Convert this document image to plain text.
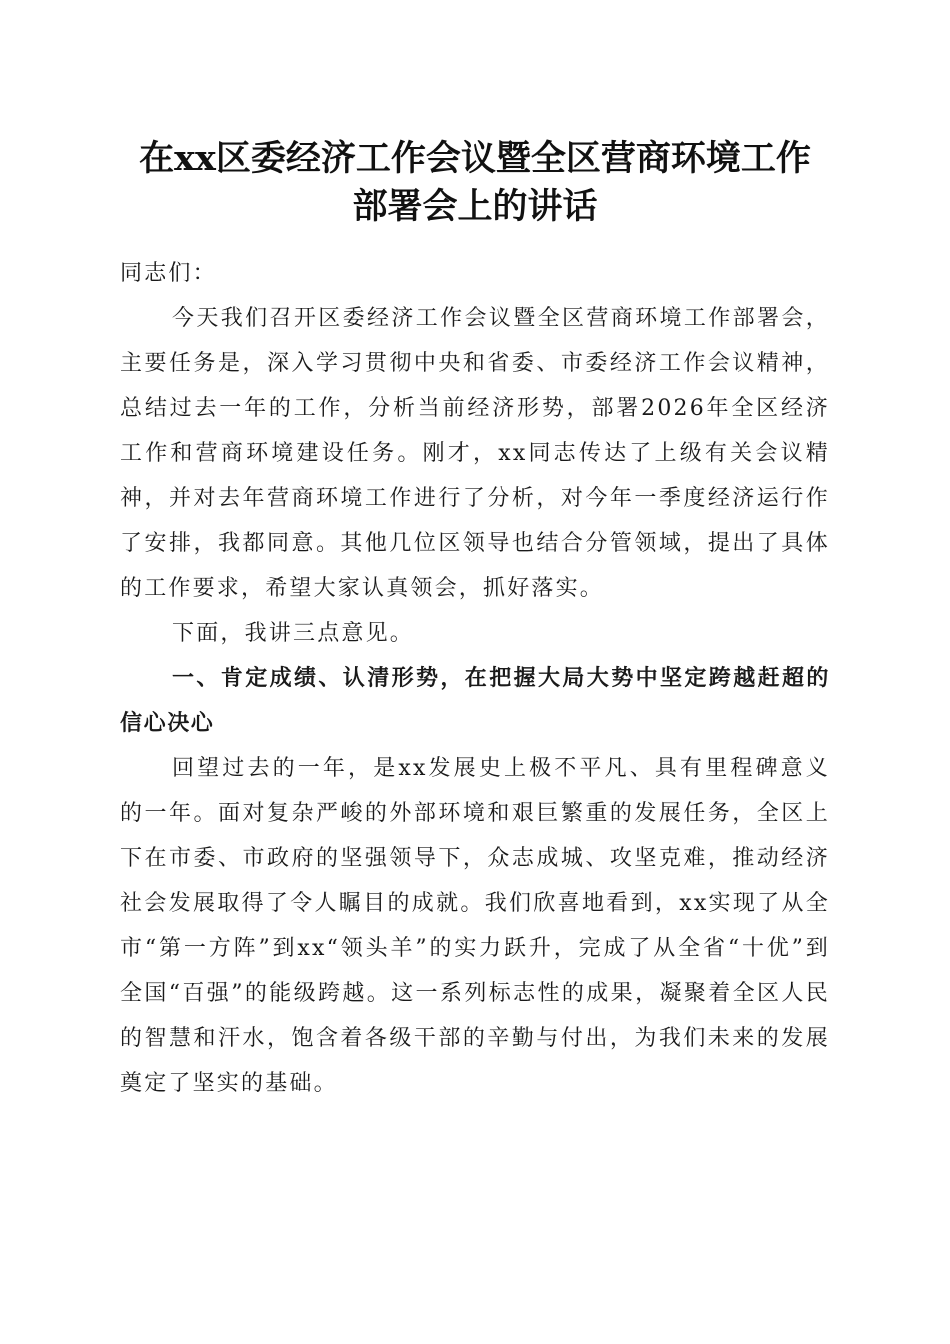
在xx区委经济工作会议暨全区营商环境工作
部署会上的讲话

同志们：

今天我们召开区委经济工作会议暨全区营商环境工作部署会，主要任务是，深入学习贯彻中央和省委、市委经济工作会议精神，总结过去一年的工作，分析当前经济形势，部署2026年全区经济工作和营商环境建设任务。刚才，xx同志传达了上级有关会议精神，并对去年营商环境工作进行了分析，对今年一季度经济运行作了安排，我都同意。其他几位区领导也结合分管领域，提出了具体的工作要求，希望大家认真领会，抓好落实。

下面，我讲三点意见。

一、肯定成绩、认清形势，在把握大局大势中坚定跨越赶超的信心决心

回望过去的一年，是xx发展史上极不平凡、具有里程碑意义的一年。面对复杂严峻的外部环境和艰巨繁重的发展任务，全区上下在市委、市政府的坚强领导下，众志成城、攻坚克难，推动经济社会发展取得了令人瞩目的成就。我们欣喜地看到，xx实现了从全市“第一方阵”到xx“领头羊”的实力跃升，完成了从全省“十优”到全国“百强”的能级跨越。这一系列标志性的成果，凝聚着全区人民的智慧和汗水，饱含着各级干部的辛勤与付出，为我们未来的发展奠定了坚实的基础。
